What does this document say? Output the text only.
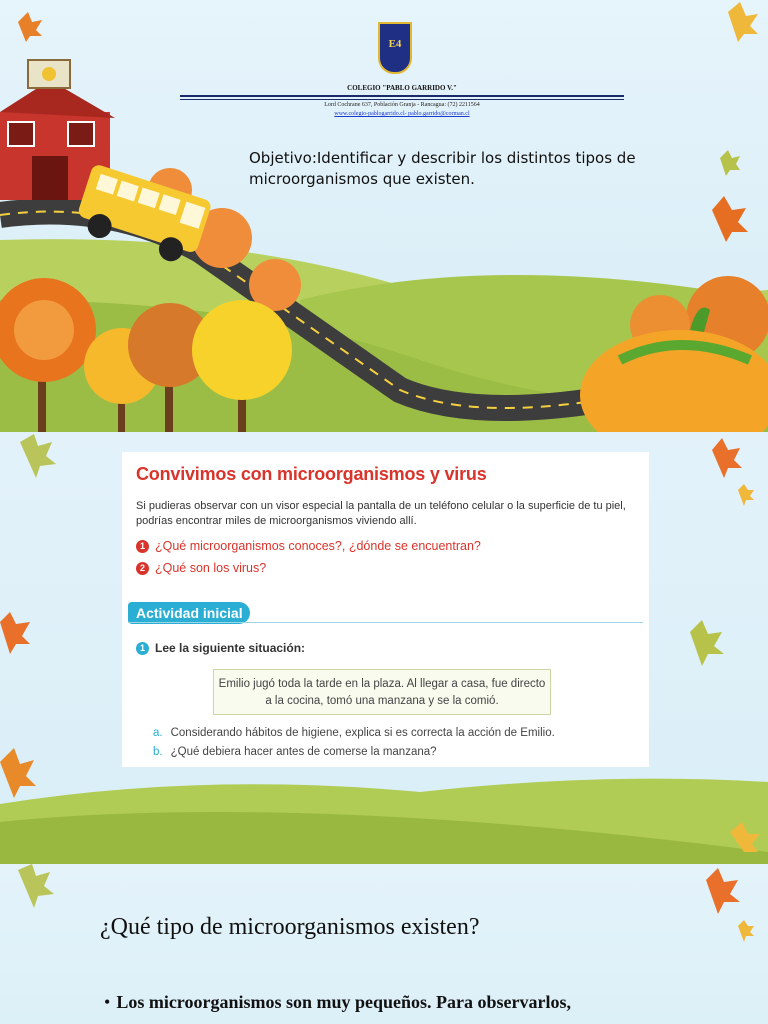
E4
COLEGIO "PABLO GARRIDO V."
Lord Cochrane 637, Población Granja - Rancagua: (72) 2211564
www.colegio-pablogarrido.cl- pablo.garrido@corman.cl
Objetivo:Identificar y describir los distintos tipos de microorganismos que existen.
Convivimos con microorganismos y virus
Si pudieras observar con un visor especial la pantalla de un teléfono celular o la superficie de tu piel, podrías encontrar miles de microorganismos viviendo allí.
1 ¿Qué microorganismos conoces?, ¿dónde se encuentran?
2 ¿Qué son los virus?
Actividad inicial
1 Lee la siguiente situación:
Emilio jugó toda la tarde en la plaza. Al llegar a casa, fue directo a la cocina, tomó una manzana y se la comió.
a. Considerando hábitos de higiene, explica si es correcta la acción de Emilio.
b. ¿Qué debiera hacer antes de comerse la manzana?
¿Qué tipo de microorganismos existen?
• Los microorganismos son muy pequeños. Para observarlos,
